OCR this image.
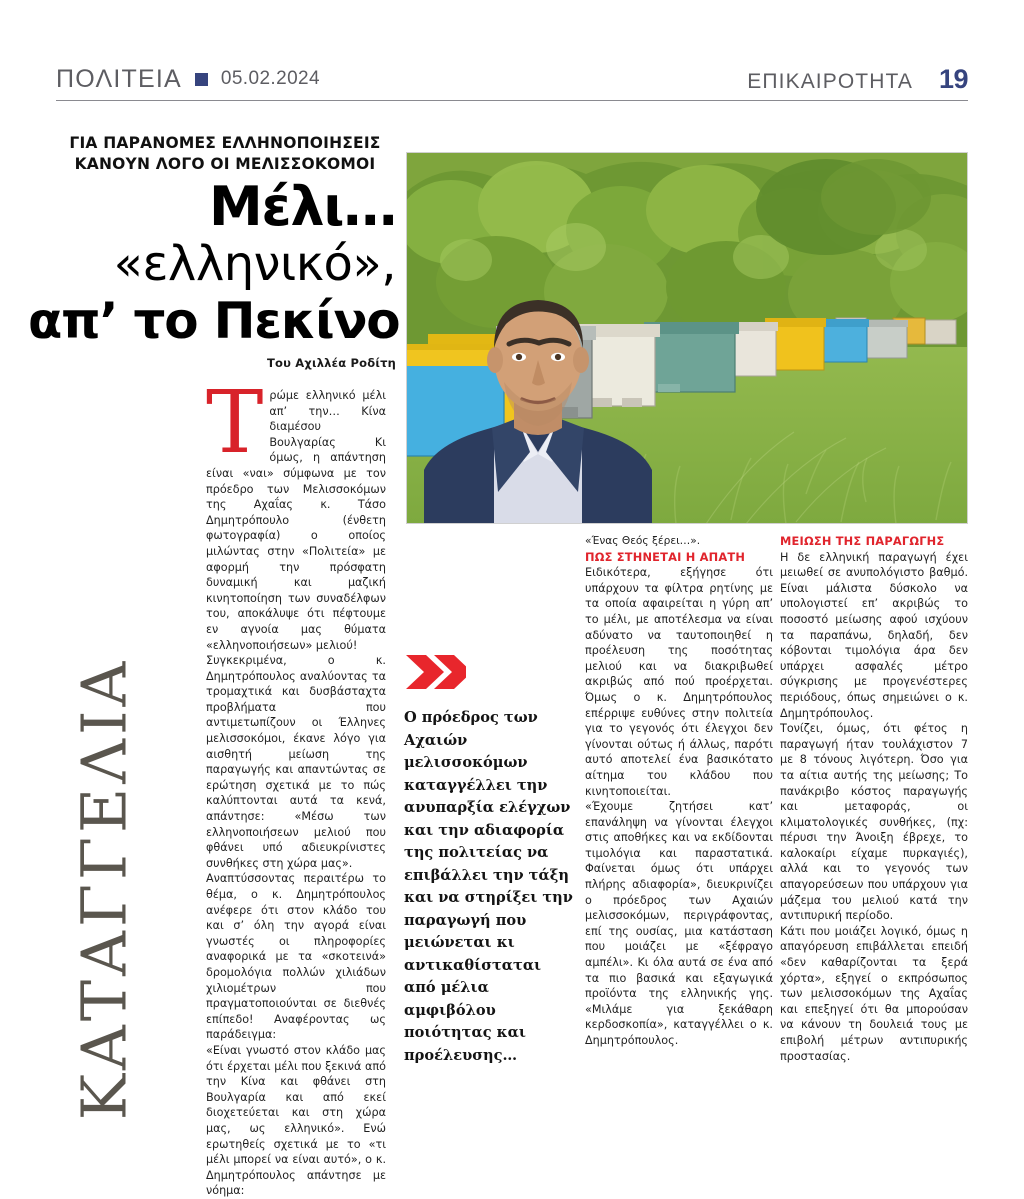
ΠΟΛΙΤΕΙΑ 05.02.2024	ΕΠΙΚΑΙΡΟΤΗΤΑ 19
ΓΙΑ ΠΑΡΑΝΟΜΕΣ ΕΛΛΗΝΟΠΟΙΗΣΕΙΣ ΚΑΝΟΥΝ ΛΟΓΟ ΟΙ ΜΕΛΙΣΣΟΚΟΜΟΙ
Μέλι…
«ελληνικό»,
απ’ το Πεκίνο
Του Αχιλλέα Ροδίτη
ΚΑΤΑΓΓΕΛΙΑ

Τρώμε ελληνικό μέλι απ’ την… Κίνα διαμέσου Βουλγαρίας Κι όμως, η απάντηση είναι «ναι» σύμφωνα με τον πρόεδρο των Μελισσοκόμων της Αχαΐας κ. Τάσο Δημητρόπουλο (ένθετη φωτογραφία) ο οποίος μιλώντας στην «Πολιτεία» με αφορμή την πρόσφατη δυναμική και μαζική κινητοποίηση των συναδέλφων του, αποκάλυψε ότι πέφτουμε εν αγνοία μας θύματα «ελληνοποιήσεων» μελιού!

Συγκεκριμένα, ο κ. Δημητρόπουλος αναλύοντας τα τρομαχτικά και δυσβάσταχτα προβλήματα που αντιμετωπίζουν οι Έλληνες μελισσοκόμοι, έκανε λόγο για αισθητή μείωση της παραγωγής και απαντώντας σε ερώτηση σχετικά με το πώς καλύπτονται αυτά τα κενά, απάντησε: «Μέσω των ελληνοποιήσεων μελιού που φθάνει υπό αδιευκρίνιστες συνθήκες στη χώρα μας».

Αναπτύσσοντας περαιτέρω το θέμα, ο κ. Δημητρόπουλος ανέφερε ότι στον κλάδο του και σ’ όλη την αγορά είναι γνωστές οι πληροφορίες αναφορικά με τα «σκοτεινά» δρομολόγια πολλών χιλιάδων χιλιομέτρων που πραγματοποιούνται σε διεθνές επίπεδο! Αναφέροντας ως παράδειγμα:

«Είναι γνωστό στον κλάδο μας ότι έρχεται μέλι που ξεκινά από την Κίνα και φθάνει στη Βουλγαρία και από εκεί διοχετεύεται και στη χώρα μας, ως ελληνικό». Ενώ ερωτηθείς σχετικά με το «τι μέλι μπορεί να είναι αυτό», ο κ. Δημητρόπουλος απάντησε με νόημα:

Ο πρόεδρος των Αχαιών μελισσοκόμων καταγγέλλει την ανυπαρξία ελέγχων και την αδιαφορία της πολιτείας να επιβάλλει την τάξη και να στηρίξει την παραγωγή που μειώνεται κι αντικαθίσταται από μέλια αμφιβόλου ποιότητας και προέλευσης…

«Ένας Θεός ξέρει…».

ΠΩΣ ΣΤΗΝΕΤΑΙ Η ΑΠΑΤΗ

Ειδικότερα, εξήγησε ότι υπάρχουν τα φίλτρα ρητίνης με τα οποία αφαιρείται η γύρη απ’ το μέλι, με αποτέλεσμα να είναι αδύνατο να ταυτοποιηθεί η προέλευση της ποσότητας μελιού και να διακριβωθεί ακριβώς από πού προέρχεται. Όμως ο κ. Δημητρόπουλος επέρριψε ευθύνες στην πολιτεία για το γεγονός ότι έλεγχοι δεν γίνονται ούτως ή άλλως, παρότι αυτό αποτελεί ένα βασικότατο αίτημα του κλάδου που κινητοποιείται.

«Έχουμε ζητήσει κατ’ επανάληψη να γίνονται έλεγχοι στις αποθήκες και να εκδίδονται τιμολόγια και παραστατικά. Φαίνεται όμως ότι υπάρχει πλήρης αδιαφορία», διευκρινίζει ο πρόεδρος των Αχαιών μελισσοκόμων, περιγράφοντας, επί της ουσίας, μια κατάσταση που μοιάζει με «ξέφραγο αμπέλι». Κι όλα αυτά σε ένα από τα πιο βασικά και εξαγωγικά προϊόντα της ελληνικής γης. «Μιλάμε για ξεκάθαρη κερδοσκοπία», καταγγέλλει ο κ. Δημητρόπουλος.

ΜΕΙΩΣΗ ΤΗΣ ΠΑΡΑΓΩΓΗΣ

Η δε ελληνική παραγωγή έχει μειωθεί σε ανυπολόγιστο βαθμό. Είναι μάλιστα δύσκολο να υπολογιστεί επ’ ακριβώς το ποσοστό μείωσης αφού ισχύουν τα παραπάνω, δηλαδή, δεν κόβονται τιμολόγια άρα δεν υπάρχει ασφαλές μέτρο σύγκρισης με προγενέστερες περιόδους, όπως σημειώνει ο κ. Δημητρόπουλος.

Τονίζει, όμως, ότι φέτος η παραγωγή ήταν τουλάχιστον 7 με 8 τόνους λιγότερη. Όσο για τα αίτια αυτής της μείωσης; Το πανάκριβο κόστος παραγωγής και μεταφοράς, οι κλιματολογικές συνθήκες, (πχ: πέρυσι την Άνοιξη έβρεχε, το καλοκαίρι είχαμε πυρκαγιές), αλλά και το γεγονός των απαγορεύσεων που υπάρχουν για μάζεμα του μελιού κατά την αντιπυρική περίοδο.

Κάτι που μοιάζει λογικό, όμως η απαγόρευση επιβάλλεται επειδή «δεν καθαρίζονται τα ξερά χόρτα», εξηγεί ο εκπρόσωπος των μελισσοκόμων της Αχαΐας και επεξηγεί ότι θα μπορούσαν να κάνουν τη δουλειά τους με επιβολή μέτρων αντιπυρικής προστασίας.
